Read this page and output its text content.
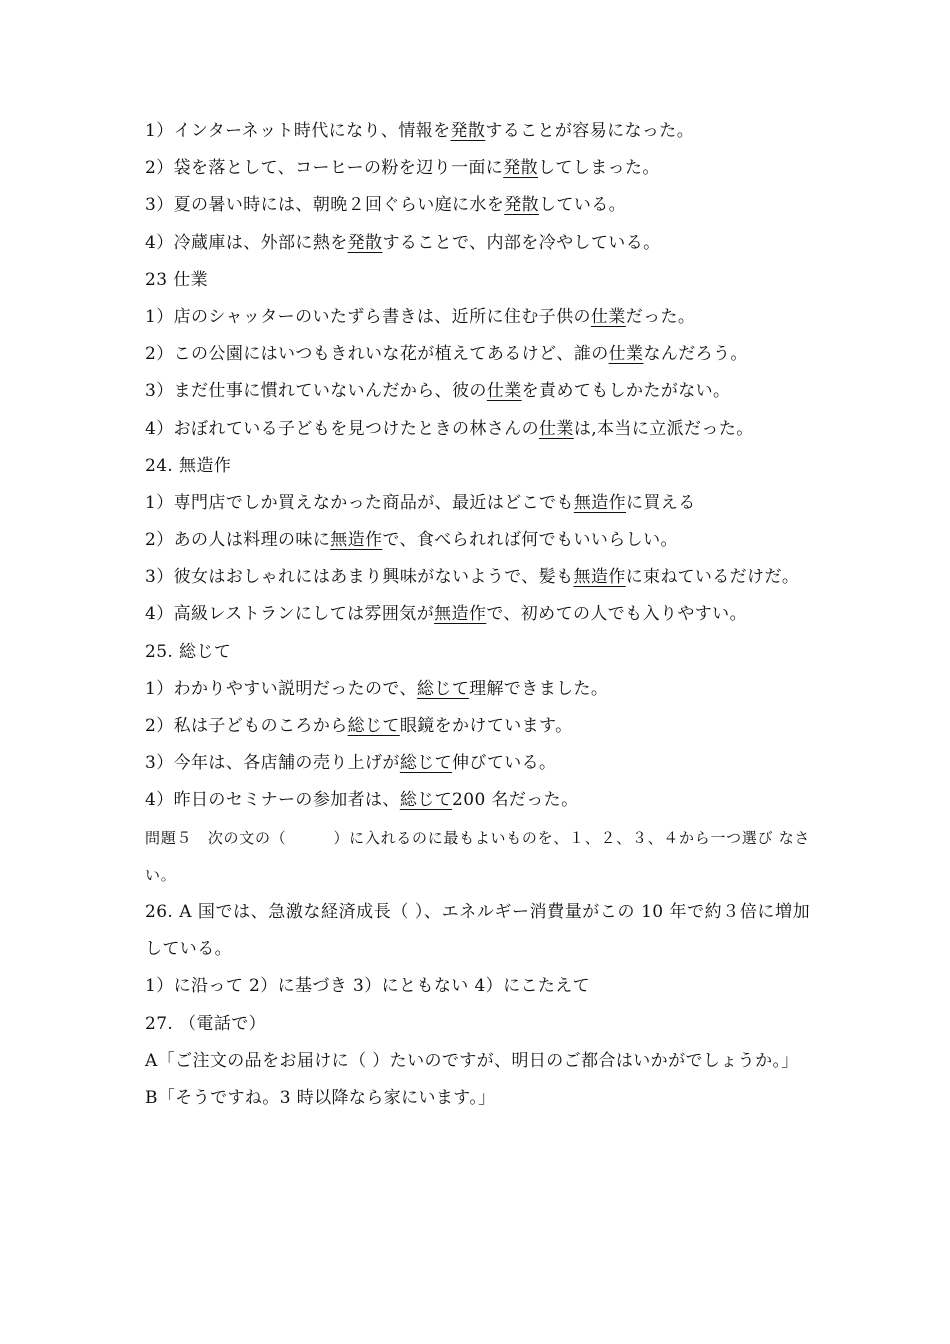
1）インターネット時代になり、情報を発散することが容易になった。
2）袋を落として、コーヒーの粉を辺り一面に発散してしまった。
3）夏の暑い時には、朝晩２回ぐらい庭に水を発散している。
4）冷蔵庫は、外部に熱を発散することで、内部を冷やしている。
23 仕業
1）店のシャッターのいたずら書きは、近所に住む子供の仕業だった。
2）この公園にはいつもきれいな花が植えてあるけど、誰の仕業なんだろう。
3）まだ仕事に慣れていないんだから、彼の仕業を責めてもしかたがない。
4）おぼれている子どもを見つけたときの林さんの仕業は,本当に立派だった。
24. 無造作
1）専門店でしか買えなかった商品が、最近はどこでも無造作に買える
2）あの人は料理の味に無造作で、食べられれば何でもいいらしい。
3）彼女はおしゃれにはあまり興味がないようで、髪も無造作に束ねているだけだ。
4）高級レストランにしては雰囲気が無造作で、初めての人でも入りやすい。
25. 総じて
1）わかりやすい説明だったので、総じて理解できました。
2）私は子どものころから総じて眼鏡をかけています。
3）今年は、各店舗の売り上げが総じて伸びている。
4）昨日のセミナーの参加者は、総じて200 名だった。
問題５　次の文の（　　　）に入れるのに最もよいものを、１、２、３、４から一つ選び なさい。
26. A 国では、急激な経済成長（ ）、エネルギー消費量がこの 10 年で約３倍に増加している。
1）に沿って 2）に基づき 3）にともない 4）にこたえて
27. （電話で）
A「ご注文の品をお届けに（ ）たいのですが、明日のご都合はいかがでしょうか。」
B「そうですね。3 時以降なら家にいます。」
